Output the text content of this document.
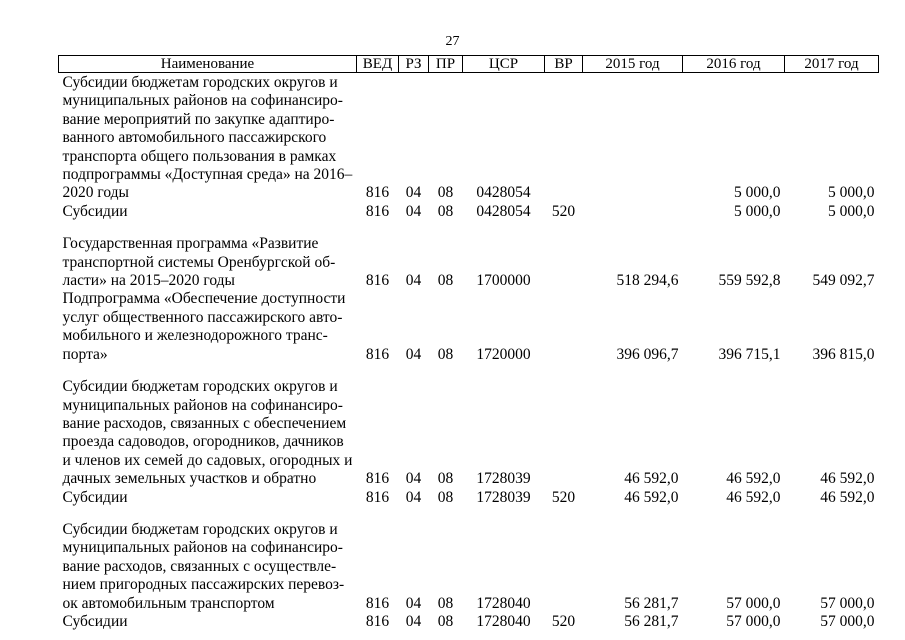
27
Наименование	ВЕД	РЗ	ПР	ЦСР	ВР	2015 год	2016 год	2017 год
Субсидии бюджетам городских округов и муниципальных районов на софинансиро-вание мероприятий по закупке адаптиро-ванного автомобильного пассажирского транспорта общего пользования в рамках подпрограммы «Доступная среда» на 2016–2020 годы	816	04	08	0428054			5 000,0	5 000,0
Субсидии	816	04	08	0428054	520		5 000,0	5 000,0

Государственная программа «Развитие транспортной системы Оренбургской об-ласти» на 2015–2020 годы	816	04	08	1700000		518 294,6	559 592,8	549 092,7
Подпрограмма «Обеспечение доступности услуг общественного пассажирского авто-мобильного и железнодорожного транс-порта»	816	04	08	1720000		396 096,7	396 715,1	396 815,0

Субсидии бюджетам городских округов и муниципальных районов на софинансиро-вание расходов, связанных с обеспечением проезда садоводов, огородников, дачников и членов их семей до садовых, огородных и дачных земельных участков и обратно	816	04	08	1728039		46 592,0	46 592,0	46 592,0
Субсидии	816	04	08	1728039	520	46 592,0	46 592,0	46 592,0

Субсидии бюджетам городских округов и муниципальных районов на софинансиро-вание расходов, связанных с осуществле-нием пригородных пассажирских перевоз-ок автомобильным транспортом	816	04	08	1728040		56 281,7	57 000,0	57 000,0
Субсидии	816	04	08	1728040	520	56 281,7	57 000,0	57 000,0
